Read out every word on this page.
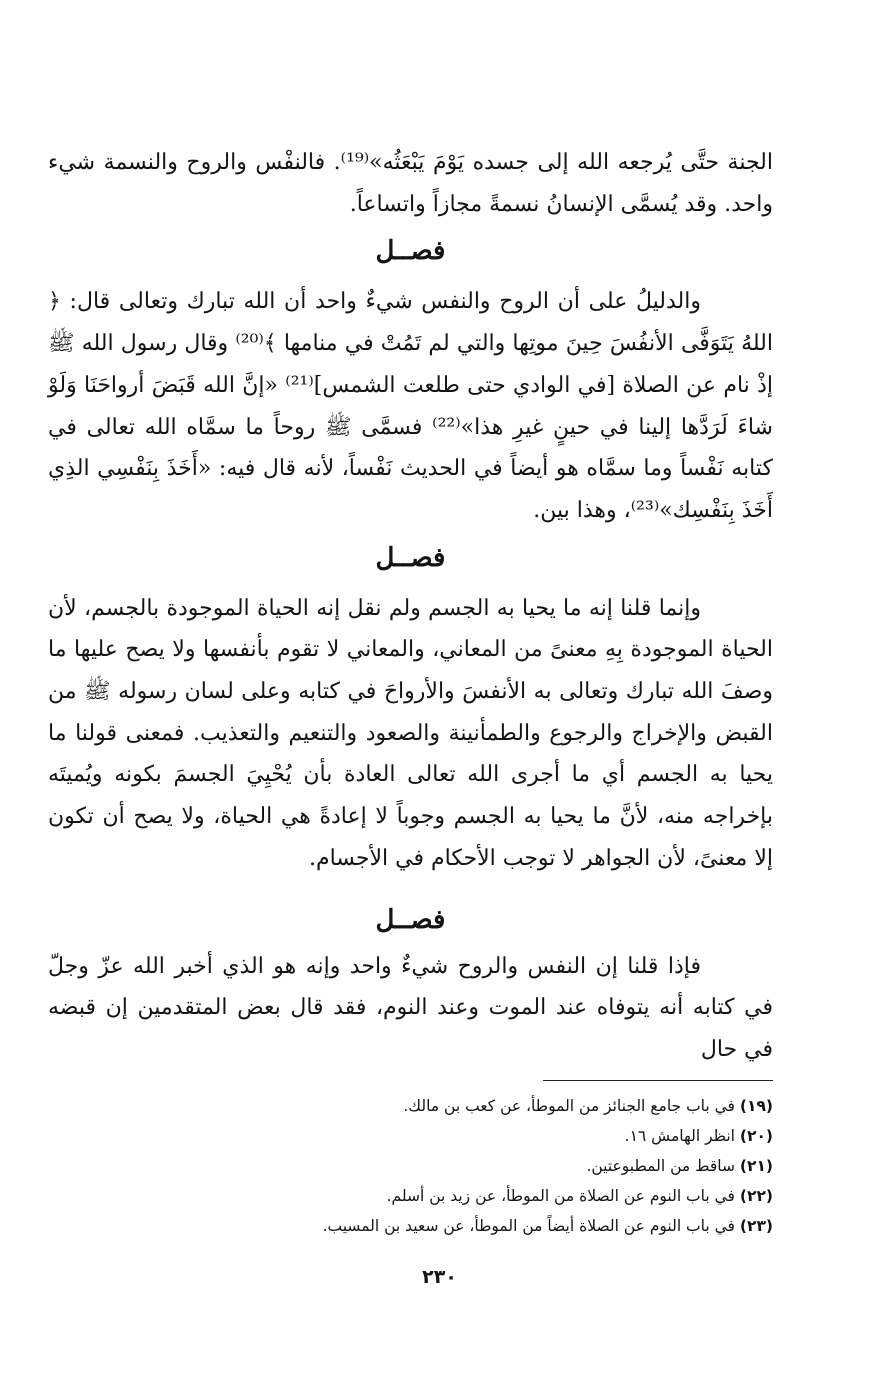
الجنة حتَّى يُرجعه الله إلى جسده يَوْمَ يَبْعَثُه»⁽¹⁹⁾. فالنفْس والروح والنسمة شيء واحد. وقد يُسمَّى الإنسانُ نسمةً مجازاً واتساعاً.

فصــل

والدليلُ على أن الروح والنفس شيءٌ واحد أن الله تبارك وتعالى قال: ﴿ اللهُ يَتَوَفَّى الأنفُسَ حِينَ موتِها والتي لم تَمُتْ في منامها ﴾⁽²⁰⁾ وقال رسول الله ﷺ إذْ نام عن الصلاة [في الوادي حتى طلعت الشمس]⁽²¹⁾ «إنَّ الله قَبَضَ أرواحَنَا وَلَوْ شاءَ لَرَدَّها إلينا في حينٍ غيرِ هذا»⁽²²⁾ فسمَّى ﷺ روحاً ما سمَّاه الله تعالى في كتابه نَفْساً وما سمَّاه هو أيضاً في الحديث نَفْساً، لأنه قال فيه: «أَخَذَ بِنَفْسِي الذِي أَخَذَ بِنَفْسِك»⁽²³⁾، وهذا بين.

فصــل

وإنما قلنا إنه ما يحيا به الجسم ولم نقل إنه الحياة الموجودة بالجسم، لأن الحياة الموجودة بِهِ معنىً من المعاني، والمعاني لا تقوم بأنفسها ولا يصح عليها ما وصفَ الله تبارك وتعالى به الأنفسَ والأرواحَ في كتابه وعلى لسان رسوله ﷺ من القبض والإخراج والرجوع والطمأنينة والصعود والتنعيم والتعذيب. فمعنى قولنا ما يحيا به الجسم أي ما أجرى الله تعالى العادة بأن يُحْيِيَ الجسمَ بكونه ويُميتَه بإخراجه منه، لأنَّ ما يحيا به الجسم وجوباً لا إعادةً هي الحياة، ولا يصح أن تكون إلا معنىً، لأن الجواهر لا توجب الأحكام في الأجسام.

فصــل

فإذا قلنا إن النفس والروح شيءٌ واحد وإنه هو الذي أخبر الله عزّ وجلّ في كتابه أنه يتوفاه عند الموت وعند النوم، فقد قال بعض المتقدمين إن قبضه في حال

(١٩) في باب جامع الجنائز من الموطأ، عن كعب بن مالك.

(٢٠) انظر الهامش ١٦.

(٢١) ساقط من المطبوعتين.

(٢٢) في باب النوم عن الصلاة من الموطأ، عن زيد بن أسلم.

(٢٣) في باب النوم عن الصلاة أيضاً من الموطأ، عن سعيد بن المسيب.

٢٣٠
